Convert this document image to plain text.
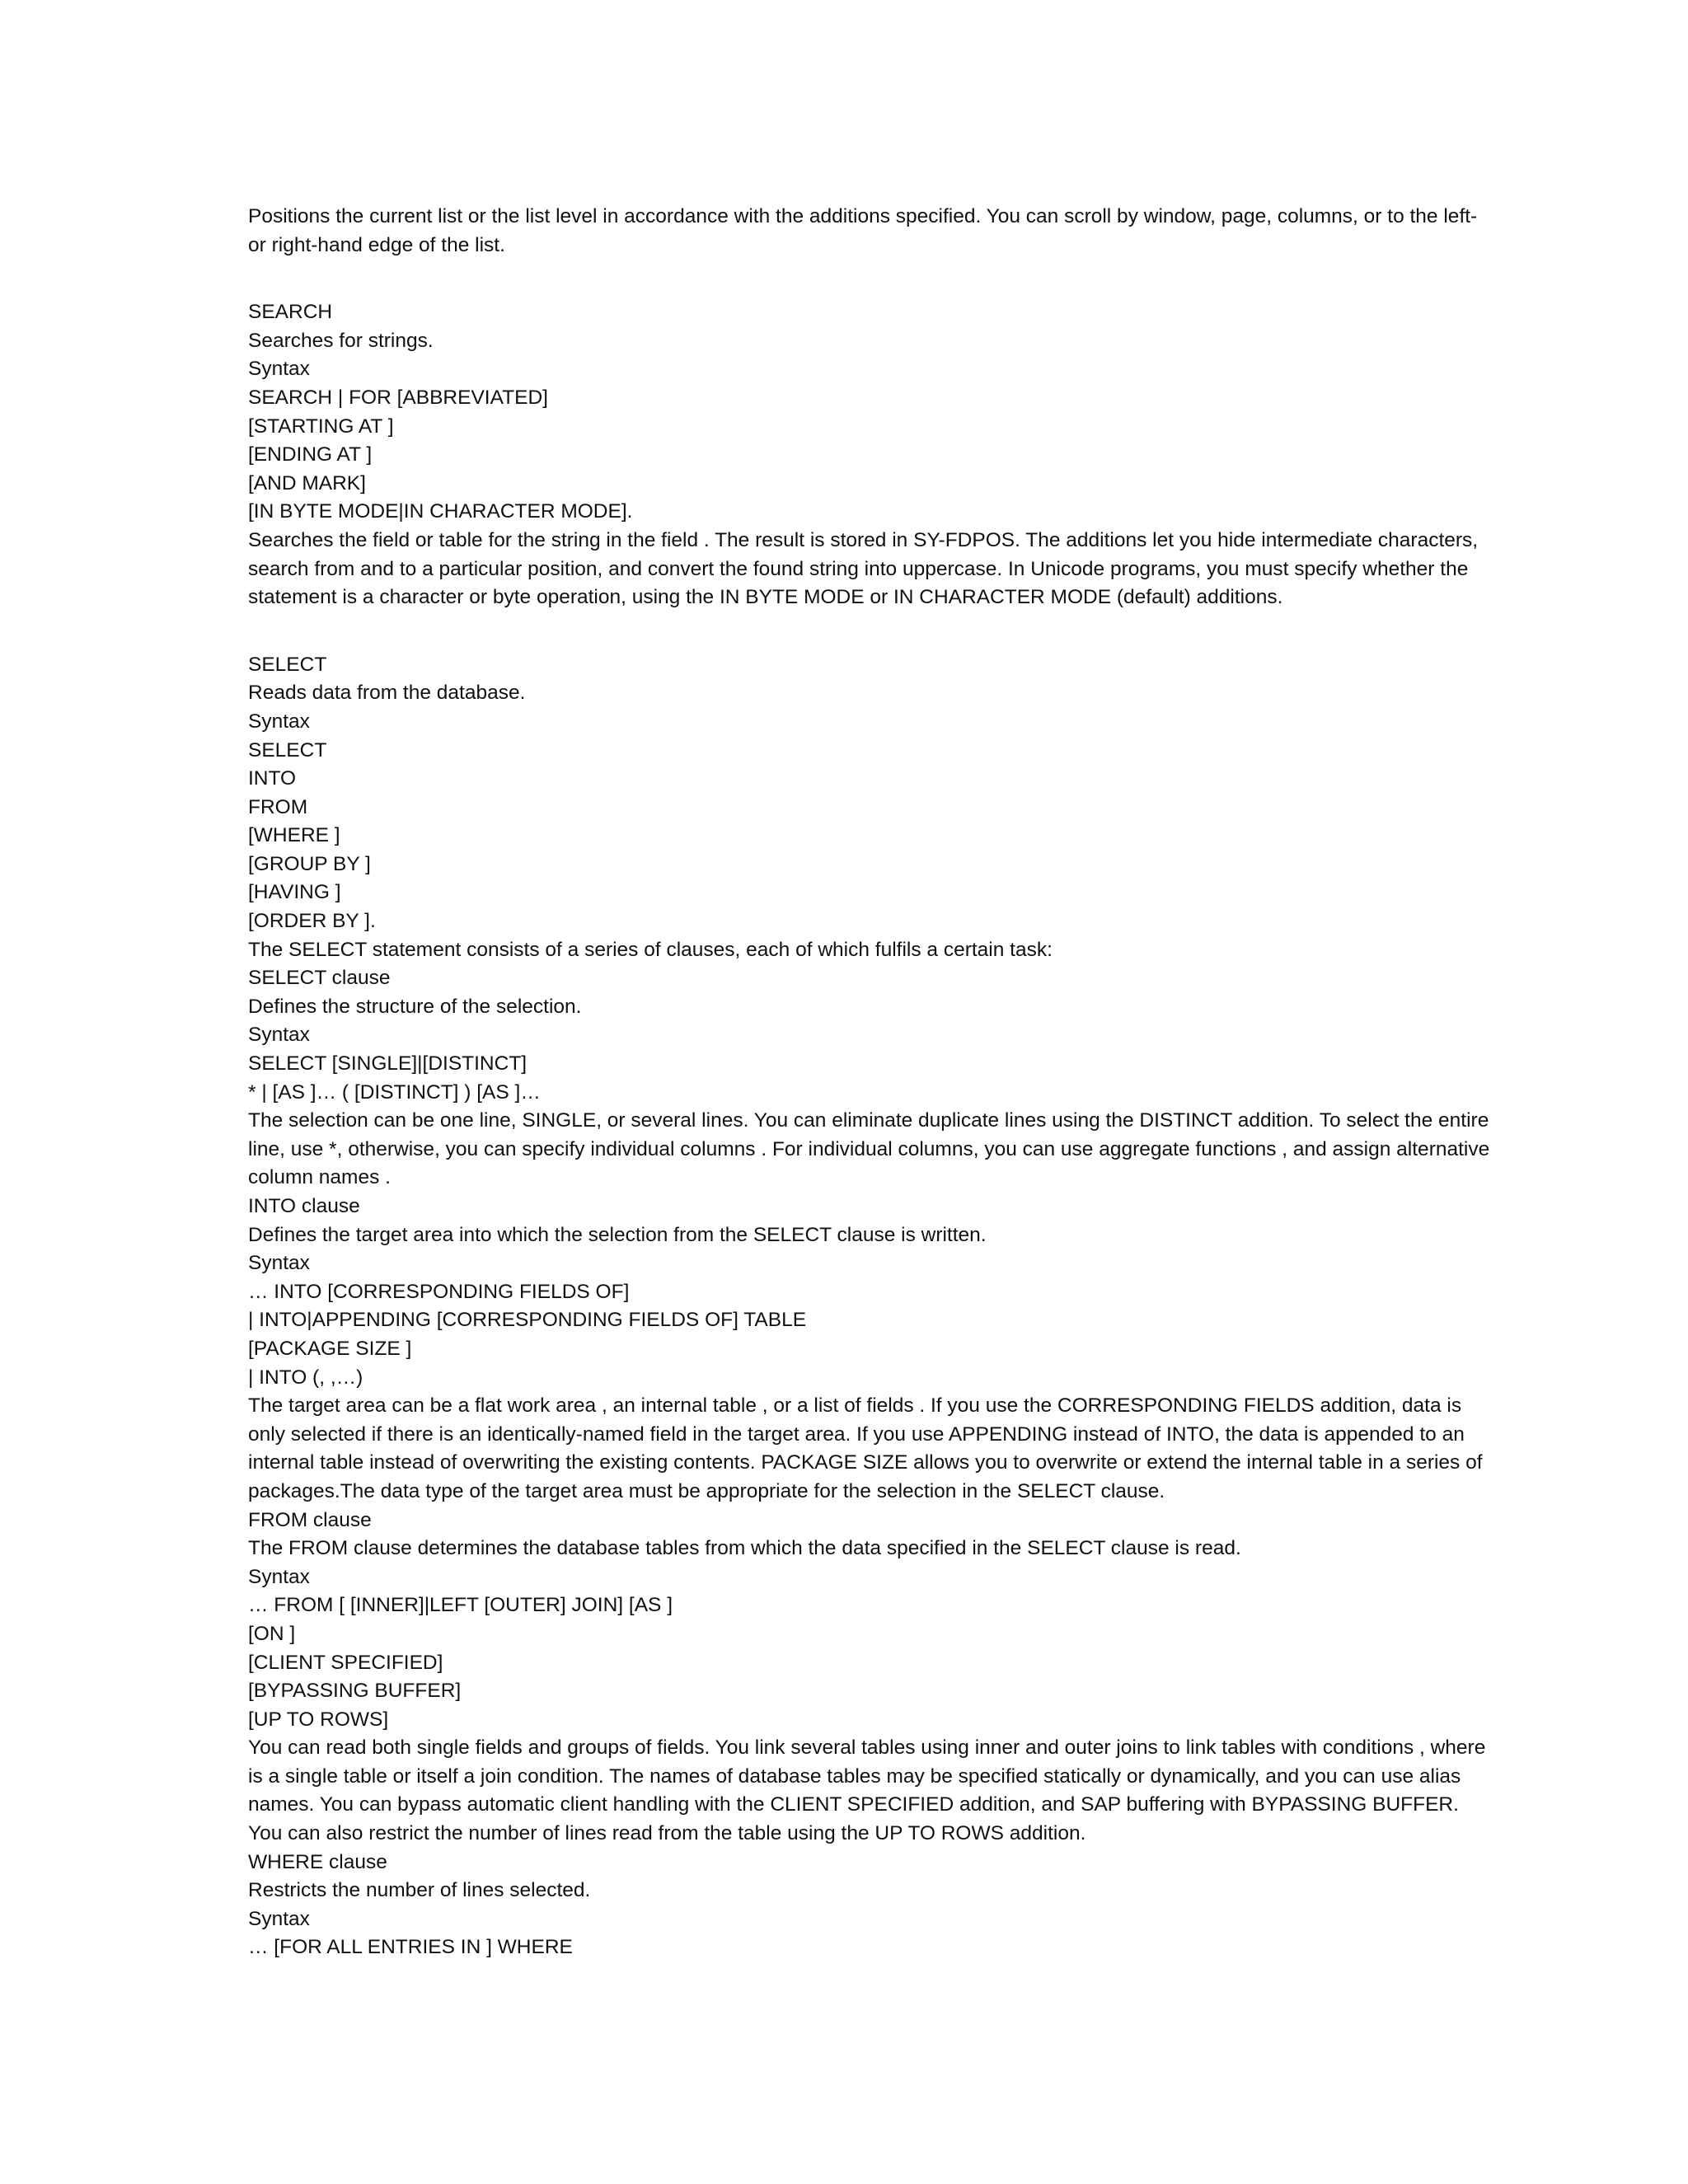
Positions the current list or the list level in accordance with the additions specified. You can scroll by window, page, columns, or to the left-
or right-hand edge of the list.
SEARCH
Searches for strings.
Syntax
SEARCH | FOR [ABBREVIATED]
[STARTING AT ]
[ENDING AT ]
[AND MARK]
[IN BYTE MODE|IN CHARACTER MODE].
Searches the field or table for the string in the field . The result is stored in SY-FDPOS. The additions let you hide intermediate characters,
search from and to a particular position, and convert the found string into uppercase. In Unicode programs, you must specify whether the
statement is a character or byte operation, using the IN BYTE MODE or IN CHARACTER MODE (default) additions.
SELECT
Reads data from the database.
Syntax
SELECT
INTO
FROM
[WHERE ]
[GROUP BY ]
[HAVING ]
[ORDER BY ].
The SELECT statement consists of a series of clauses, each of which fulfils a certain task:
SELECT clause
Defines the structure of the selection.
Syntax
SELECT [SINGLE]|[DISTINCT]
* | [AS ]… ( [DISTINCT] ) [AS ]…
The selection can be one line, SINGLE, or several lines. You can eliminate duplicate lines using the DISTINCT addition. To select the entire
line, use *, otherwise, you can specify individual columns . For individual columns, you can use aggregate functions , and assign alternative
column names .
INTO clause
Defines the target area into which the selection from the SELECT clause is written.
Syntax
… INTO [CORRESPONDING FIELDS OF]
| INTO|APPENDING [CORRESPONDING FIELDS OF] TABLE
[PACKAGE SIZE ]
| INTO (, ,…)
The target area can be a flat work area , an internal table , or a list of fields . If you use the CORRESPONDING FIELDS addition, data is
only selected if there is an identically-named field in the target area. If you use APPENDING instead of INTO, the data is appended to an
internal table instead of overwriting the existing contents. PACKAGE SIZE allows you to overwrite or extend the internal table in a series of
packages.The data type of the target area must be appropriate for the selection in the SELECT clause.
FROM clause
The FROM clause determines the database tables from which the data specified in the SELECT clause is read.
Syntax
… FROM [ [INNER]|LEFT [OUTER] JOIN] [AS ]
[ON ]
[CLIENT SPECIFIED]
[BYPASSING BUFFER]
[UP TO ROWS]
You can read both single fields and groups of fields. You link several tables using inner and outer joins to link tables with conditions , where
is a single table or itself a join condition. The names of database tables may be specified statically or dynamically, and you can use alias
names. You can bypass automatic client handling with the CLIENT SPECIFIED addition, and SAP buffering with BYPASSING BUFFER.
You can also restrict the number of lines read from the table using the UP TO ROWS addition.
WHERE clause
Restricts the number of lines selected.
Syntax
… [FOR ALL ENTRIES IN ] WHERE
